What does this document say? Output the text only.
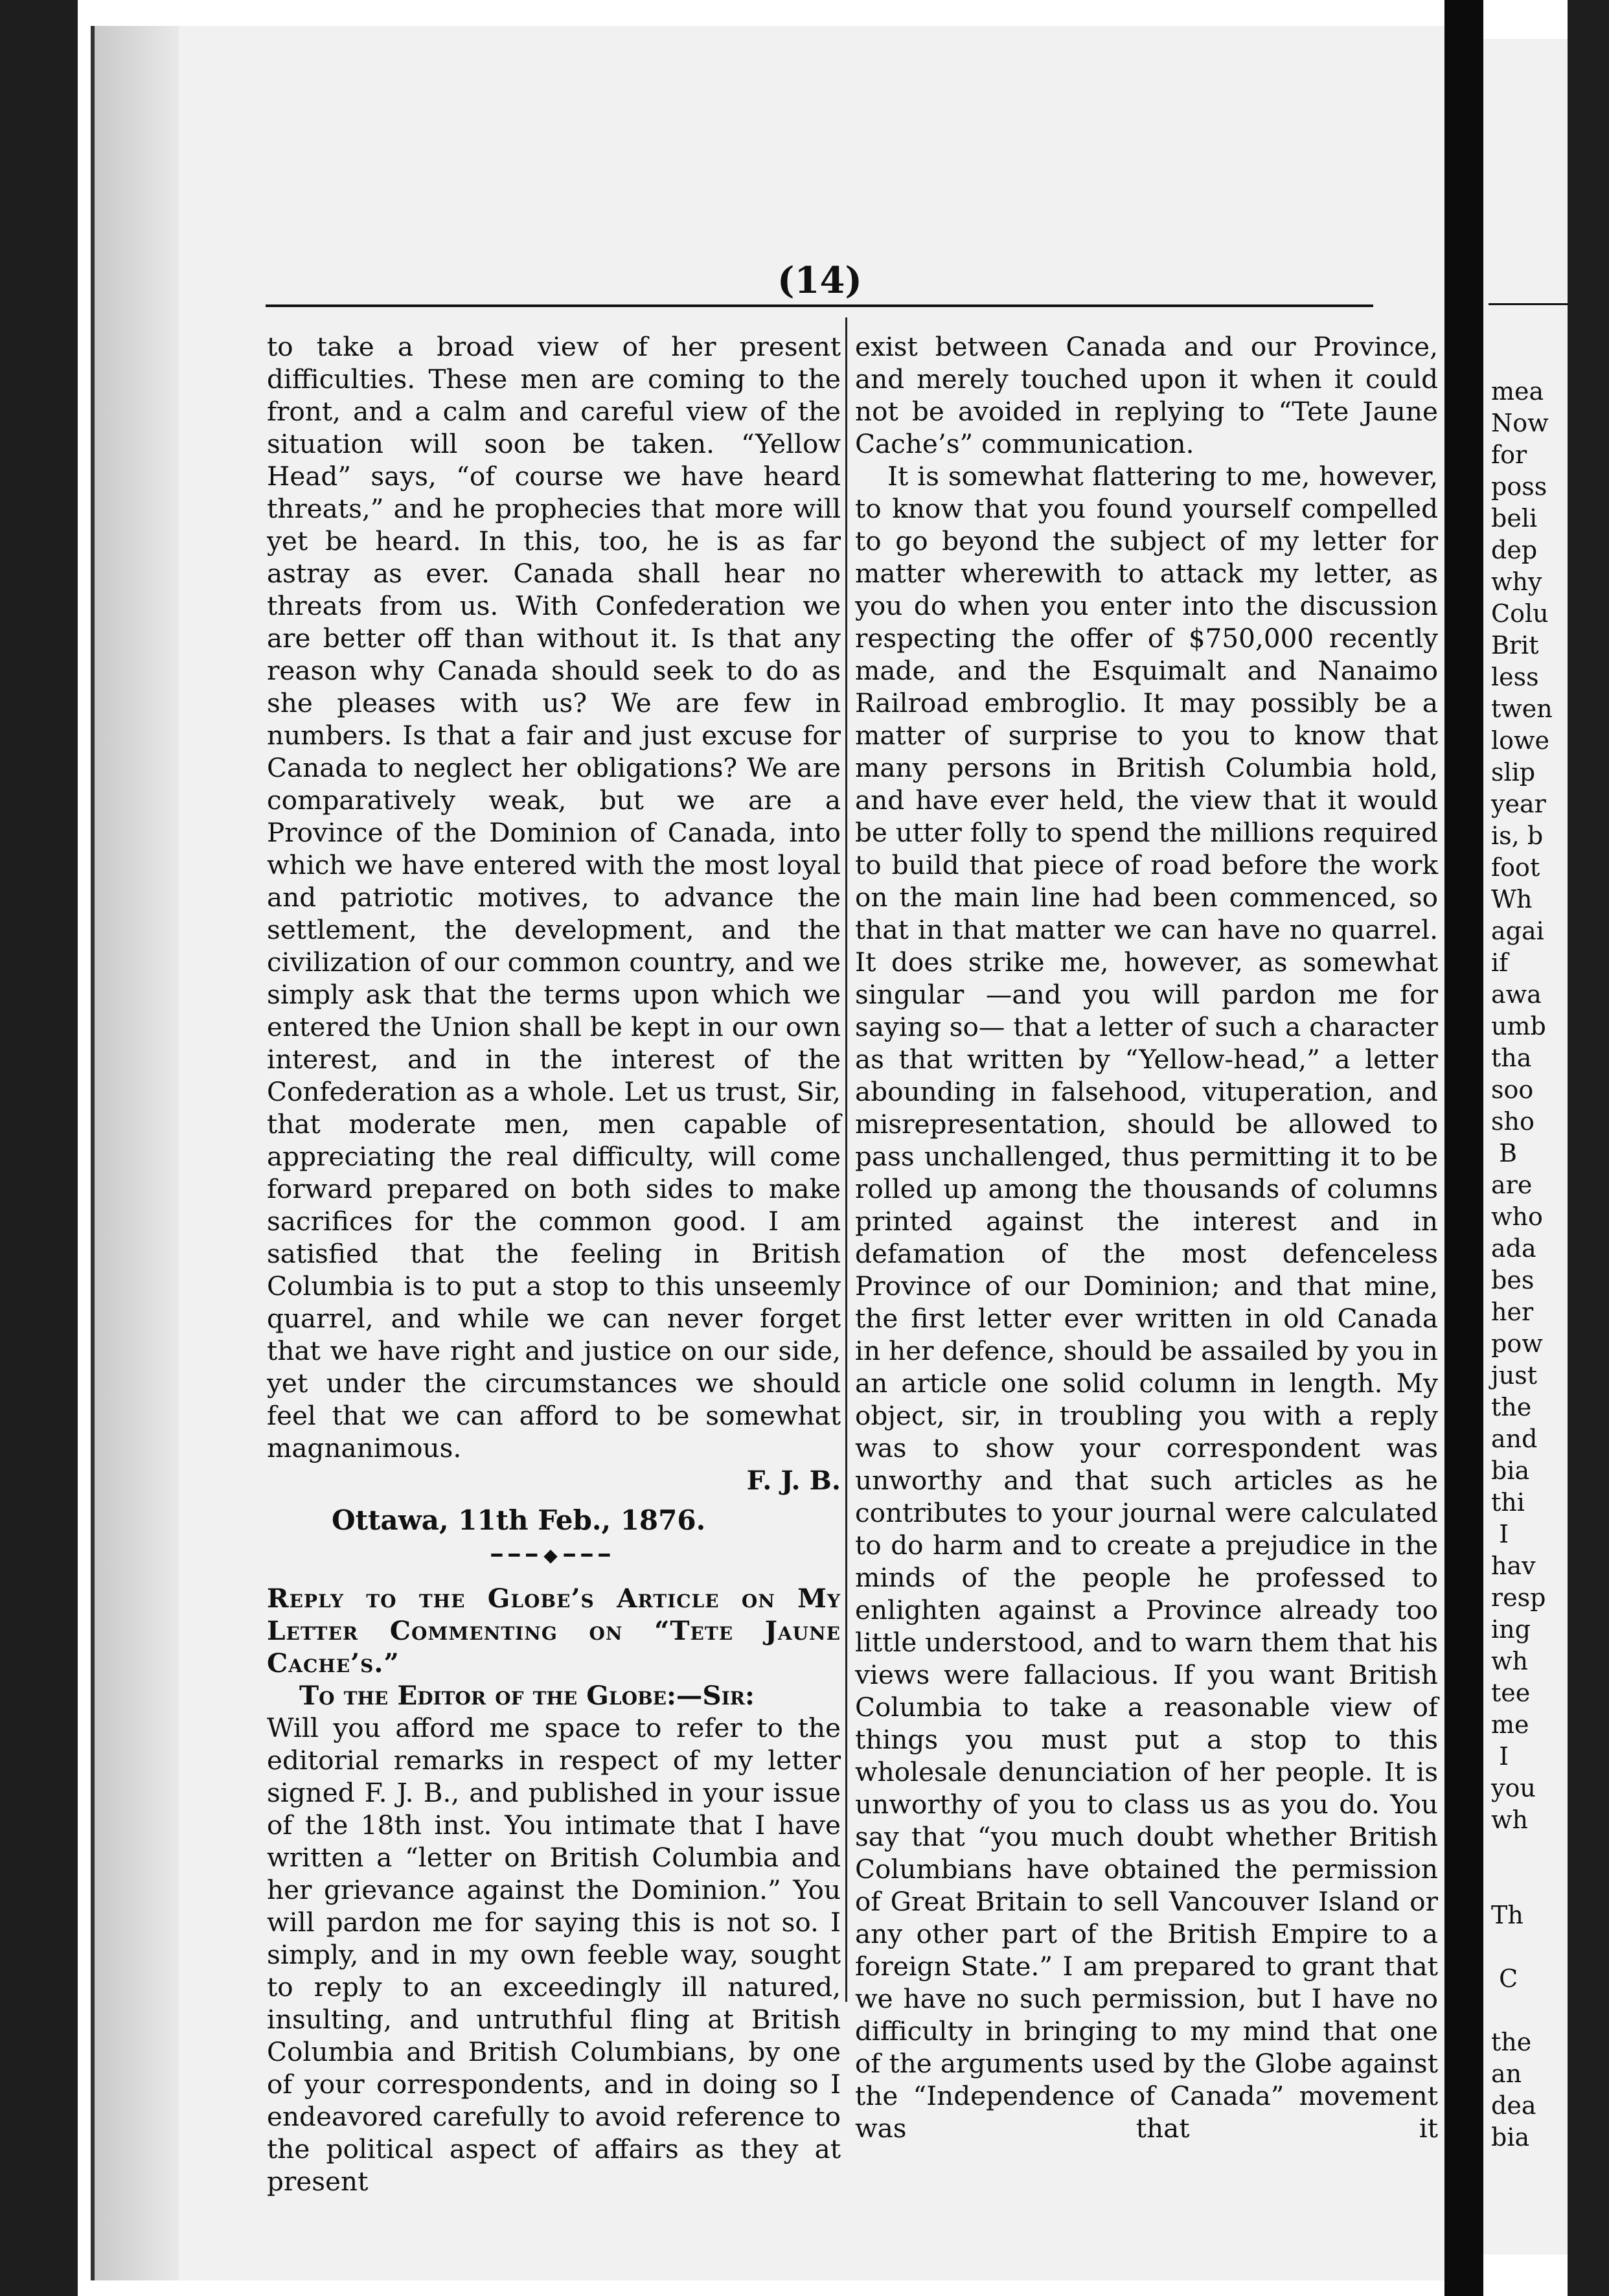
mea
Now
for
poss
beli
dep
why
Colu
Brit
less
twen
lowe
slip
year
is, b
foot
Wh
agai
if
awa
umb
tha
soo
sho
B
are
who
ada
bes
her
pow
just
the
and
bia
thi
I
hav
resp
ing
wh
tee
me
I
you
wh

Th

C

the
an
dea
bia
(14)

to take a broad view of her present difficulties. These men are coming to the front, and a calm and careful view of the situation will soon be taken. “Yellow Head” says, “of course we have heard threats,” and he prophecies that more will yet be heard. In this, too, he is as far astray as ever. Canada shall hear no threats from us. With Confederation we are better off than without it. Is that any reason why Canada should seek to do as she pleases with us? We are few in numbers. Is that a fair and just excuse for Canada to neglect her obligations? We are comparatively weak, but we are a Province of the Dominion of Canada, into which we have entered with the most loyal and patriotic motives, to advance the settlement, the development, and the civilization of our common country, and we simply ask that the terms upon which we entered the Union shall be kept in our own interest, and in the interest of the Confederation as a whole. Let us trust, Sir, that moderate men, men capable of appreciating the real difficulty, will come forward prepared on both sides to make sacrifices for the common good. I am satisfied that the feeling in British Columbia is to put a stop to this unseemly quarrel, and while we can never forget that we have right and justice on our side, yet under the circumstances we should feel that we can afford to be somewhat magnanimous.

F. J. B.

Ottawa, 11th Feb., 1876.

━━━◆━━━

Reply to the Globe’s Article on My Letter Commenting on “Tete Jaune Cache’s.”

To the Editor of the Globe:—Sir:

Will you afford me space to refer to the editorial remarks in respect of my letter signed F. J. B., and published in your issue of the 18th inst. You intimate that I have written a “letter on British Columbia and her grievance against the Dominion.” You will pardon me for saying this is not so. I simply, and in my own feeble way, sought to reply to an exceedingly ill natured, insulting, and untruthful fling at British Columbia and British Columbians, by one of your correspondents, and in doing so I endeavored carefully to avoid reference to the political aspect of affairs as they at present

exist between Canada and our Province, and merely touched upon it when it could not be avoided in replying to “Tete Jaune Cache’s” communication.

It is somewhat flattering to me, however, to know that you found yourself compelled to go beyond the subject of my letter for matter wherewith to attack my letter, as you do when you enter into the discussion respecting the offer of $750,000 recently made, and the Esquimalt and Nanaimo Railroad embroglio. It may possibly be a matter of surprise to you to know that many persons in British Columbia hold, and have ever held, the view that it would be utter folly to spend the millions required to build that piece of road before the work on the main line had been commenced, so that in that matter we can have no quarrel. It does strike me, however, as somewhat singular —and you will pardon me for saying so— that a letter of such a character as that written by “Yellow-head,” a letter abounding in falsehood, vituperation, and misrepresentation, should be allowed to pass unchallenged, thus permitting it to be rolled up among the thousands of columns printed against the interest and in defamation of the most defenceless Province of our Dominion; and that mine, the first letter ever written in old Canada in her defence, should be assailed by you in an article one solid column in length. My object, sir, in troubling you with a reply was to show your correspondent was unworthy and that such articles as he contributes to your journal were calculated to do harm and to create a prejudice in the minds of the people he professed to enlighten against a Province already too little understood, and to warn them that his views were fallacious. If you want British Columbia to take a reasonable view of things you must put a stop to this wholesale denunciation of her people. It is unworthy of you to class us as you do. You say that “you much doubt whether British Columbians have obtained the permission of Great Britain to sell Vancouver Island or any other part of the British Empire to a foreign State.” I am prepared to grant that we have no such permission, but I have no difficulty in bringing to my mind that one of the arguments used by the Globe against the “Independence of Canada” movement was that it
